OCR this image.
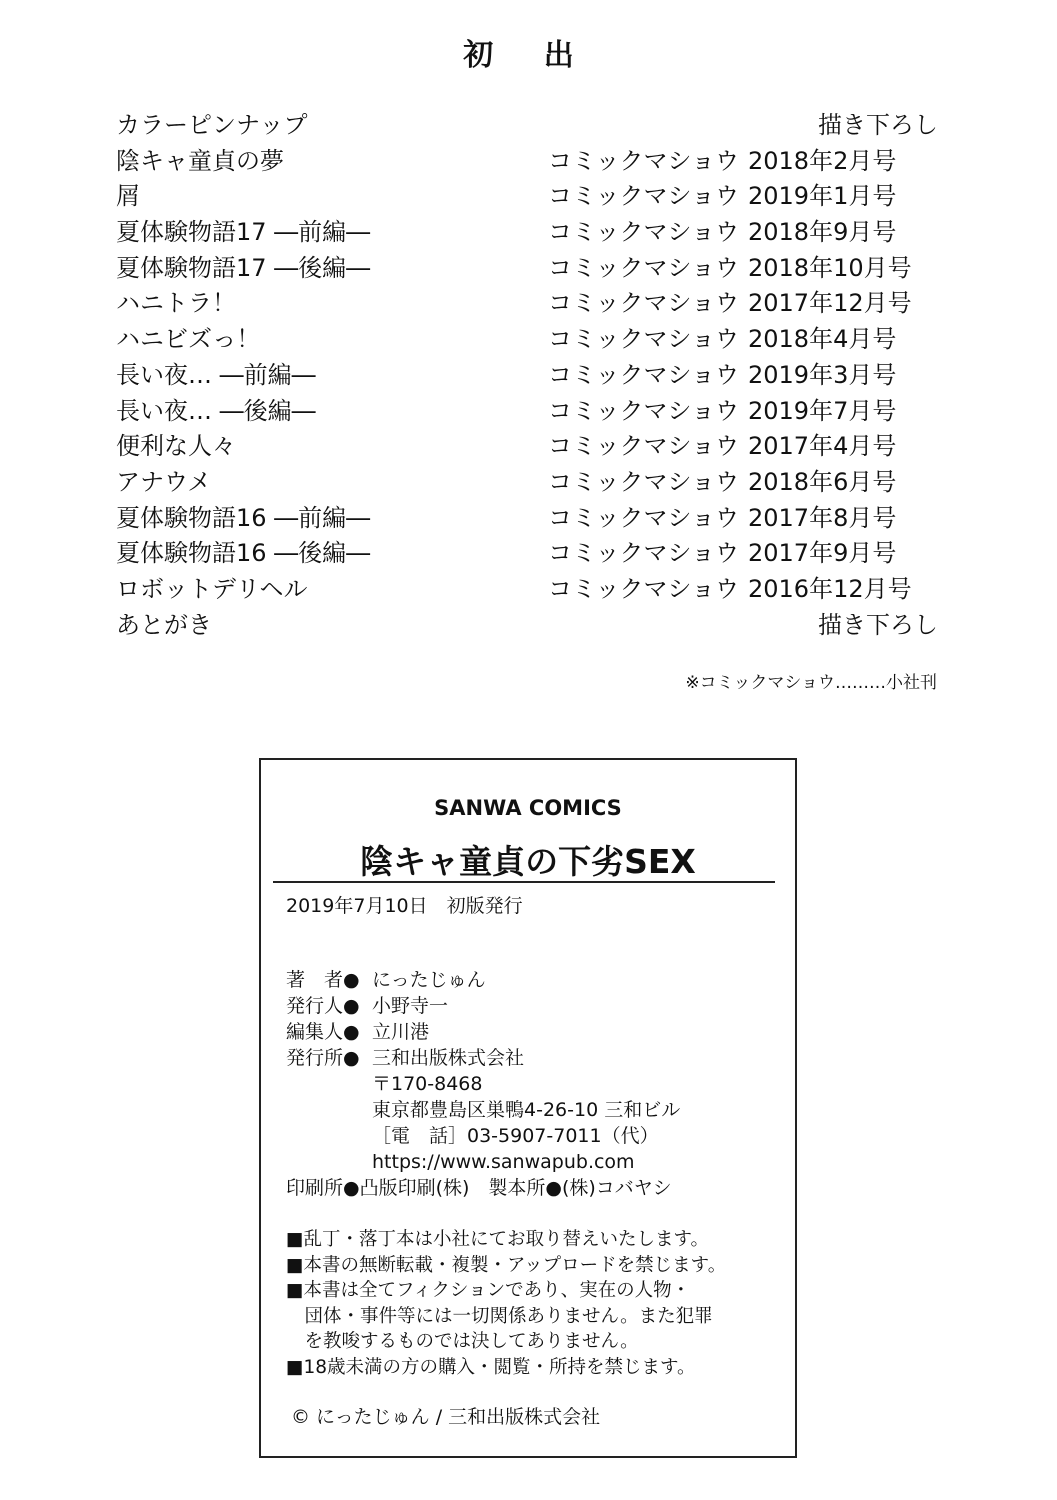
初 出
カラーピンナップ	描き下ろし
陰キャ童貞の夢	コミックマショウ 2018年2月号
屑	コミックマショウ 2019年1月号
夏体験物語17 ―前編―	コミックマショウ 2018年9月号
夏体験物語17 ―後編―	コミックマショウ 2018年10月号
ハニトラ！	コミックマショウ 2017年12月号
ハニビズっ！	コミックマショウ 2018年4月号
長い夜… ―前編―	コミックマショウ 2019年3月号
長い夜… ―後編―	コミックマショウ 2019年7月号
便利な人々	コミックマショウ 2017年4月号
アナウメ	コミックマショウ 2018年6月号
夏体験物語16 ―前編―	コミックマショウ 2017年8月号
夏体験物語16 ―後編―	コミックマショウ 2017年9月号
ロボットデリヘル	コミックマショウ 2016年12月号
あとがき	描き下ろし
※コミックマショウ………小社刊
SANWA COMICS
陰キャ童貞の下劣SEX
2019年7月10日　初版発行
著　者● にったじゅん
発行人● 小野寺一
編集人● 立川港
発行所● 三和出版株式会社
〒170-8468
東京都豊島区巣鴨4-26-10 三和ビル
［電　話］03-5907-7011（代）
https://www.sanwapub.com
印刷所●凸版印刷(株)　製本所●(株)コバヤシ
■乱丁・落丁本は小社にてお取り替えいたします。
■本書の無断転載・複製・アップロードを禁じます。
■本書は全てフィクションであり、実在の人物・
　団体・事件等には一切関係ありません。また犯罪
　を教唆するものでは決してありません。
■18歳未満の方の購入・閲覧・所持を禁じます。
© にったじゅん / 三和出版株式会社
